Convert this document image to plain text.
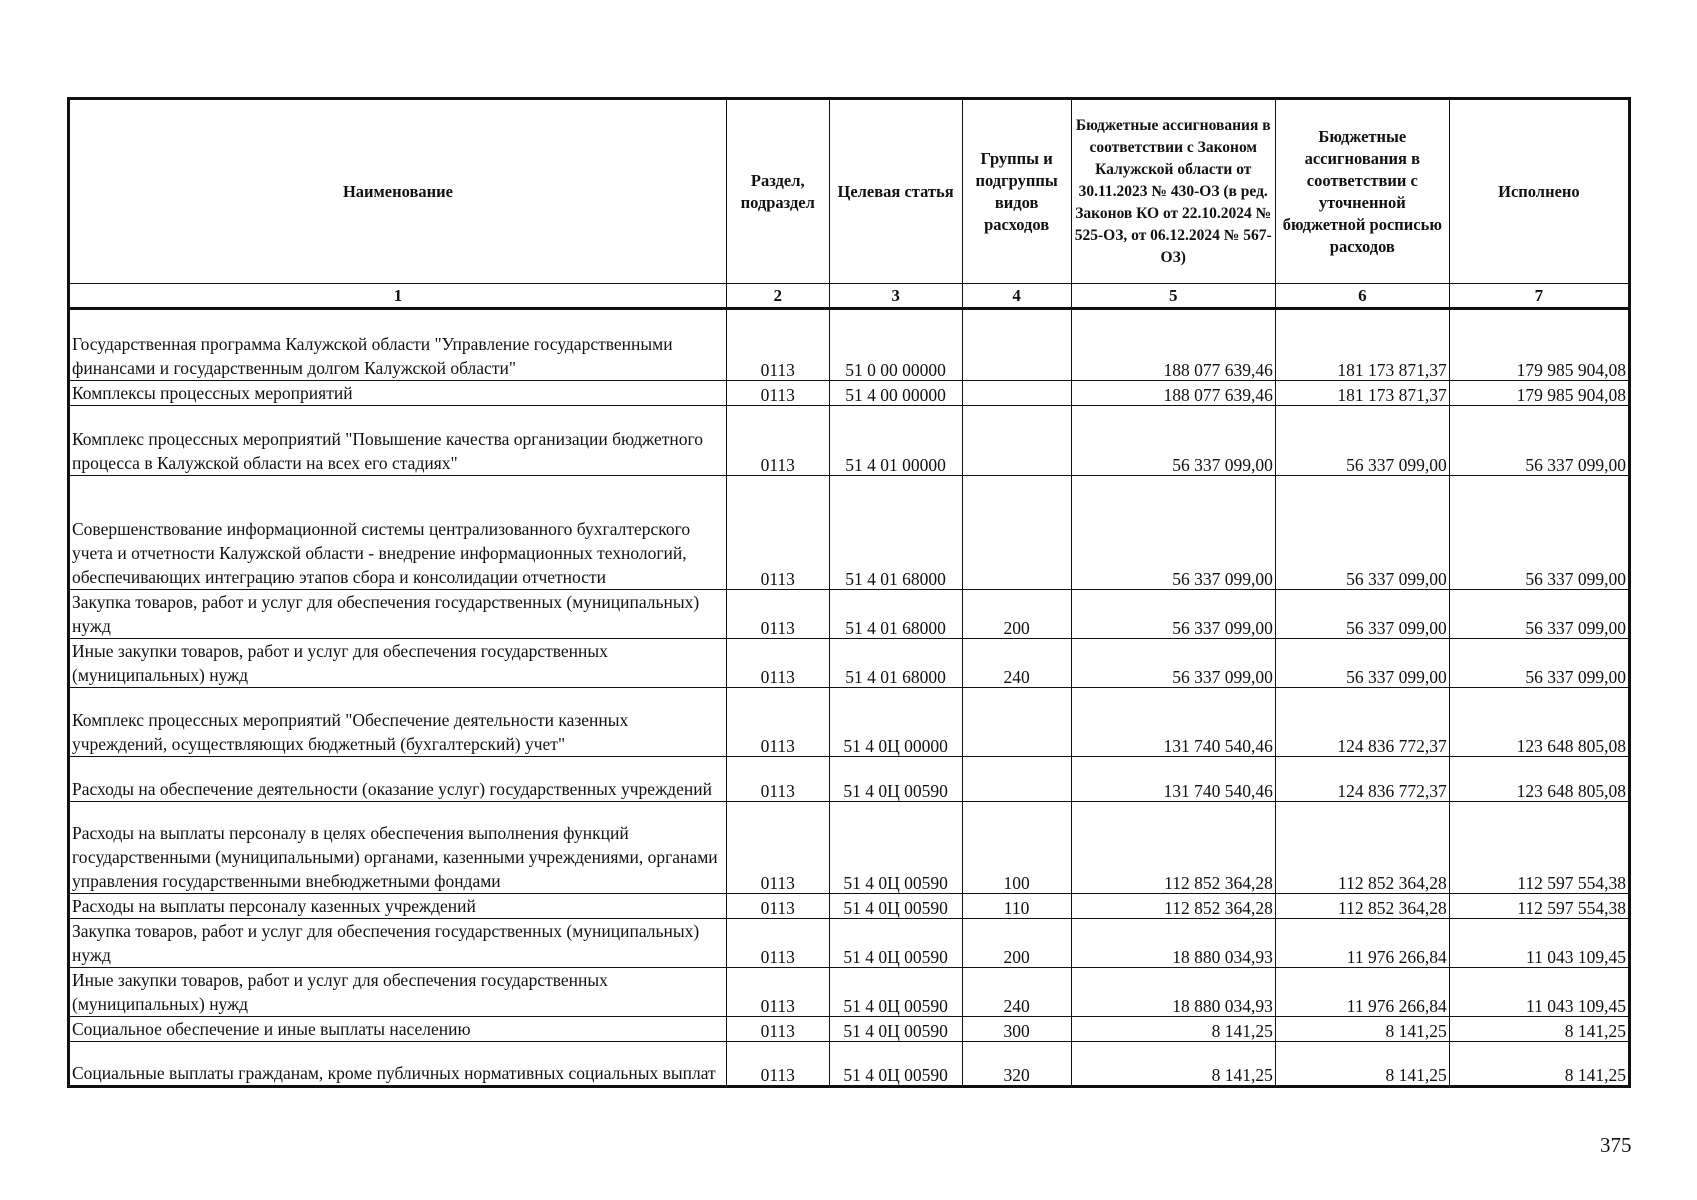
Наименование	Раздел, подраздел	Целевая статья	Группы и подгруппы видов расходов	Бюджетные ассигнования в соответствии с Законом Калужской области от 30.11.2023 № 430-ОЗ (в ред. Законов КО от 22.10.2024 № 525-ОЗ, от 06.12.2024 № 567-ОЗ)	Бюджетные ассигнования в соответствии с уточненной бюджетной росписью расходов	Исполнено
1	2	3	4	5	6	7
Государственная программа Калужской области "Управление государственными финансами и государственным долгом Калужской области"	0113	51 0 00 00000		188 077 639,46	181 173 871,37	179 985 904,08
Комплексы процессных мероприятий	0113	51 4 00 00000		188 077 639,46	181 173 871,37	179 985 904,08
Комплекс процессных мероприятий "Повышение качества организации бюджетного процесса в Калужской области на всех его стадиях"	0113	51 4 01 00000		56 337 099,00	56 337 099,00	56 337 099,00
Совершенствование информационной системы централизованного бухгалтерского учета и отчетности Калужской области - внедрение информационных технологий, обеспечивающих интеграцию этапов сбора и консолидации отчетности	0113	51 4 01 68000		56 337 099,00	56 337 099,00	56 337 099,00
Закупка товаров, работ и услуг для обеспечения государственных (муниципальных) нужд	0113	51 4 01 68000	200	56 337 099,00	56 337 099,00	56 337 099,00
Иные закупки товаров, работ и услуг для обеспечения государственных (муниципальных) нужд	0113	51 4 01 68000	240	56 337 099,00	56 337 099,00	56 337 099,00
Комплекс процессных мероприятий "Обеспечение деятельности казенных учреждений, осуществляющих бюджетный (бухгалтерский) учет"	0113	51 4 0Ц 00000		131 740 540,46	124 836 772,37	123 648 805,08
Расходы на обеспечение деятельности (оказание услуг) государственных учреждений	0113	51 4 0Ц 00590		131 740 540,46	124 836 772,37	123 648 805,08
Расходы на выплаты персоналу в целях обеспечения выполнения функций государственными (муниципальными) органами, казенными учреждениями, органами управления государственными внебюджетными фондами	0113	51 4 0Ц 00590	100	112 852 364,28	112 852 364,28	112 597 554,38
Расходы на выплаты персоналу казенных учреждений	0113	51 4 0Ц 00590	110	112 852 364,28	112 852 364,28	112 597 554,38
Закупка товаров, работ и услуг для обеспечения государственных (муниципальных) нужд	0113	51 4 0Ц 00590	200	18 880 034,93	11 976 266,84	11 043 109,45
Иные закупки товаров, работ и услуг для обеспечения государственных (муниципальных) нужд	0113	51 4 0Ц 00590	240	18 880 034,93	11 976 266,84	11 043 109,45
Социальное обеспечение и иные выплаты населению	0113	51 4 0Ц 00590	300	8 141,25	8 141,25	8 141,25
Социальные выплаты гражданам, кроме публичных нормативных социальных выплат	0113	51 4 0Ц 00590	320	8 141,25	8 141,25	8 141,25
375
